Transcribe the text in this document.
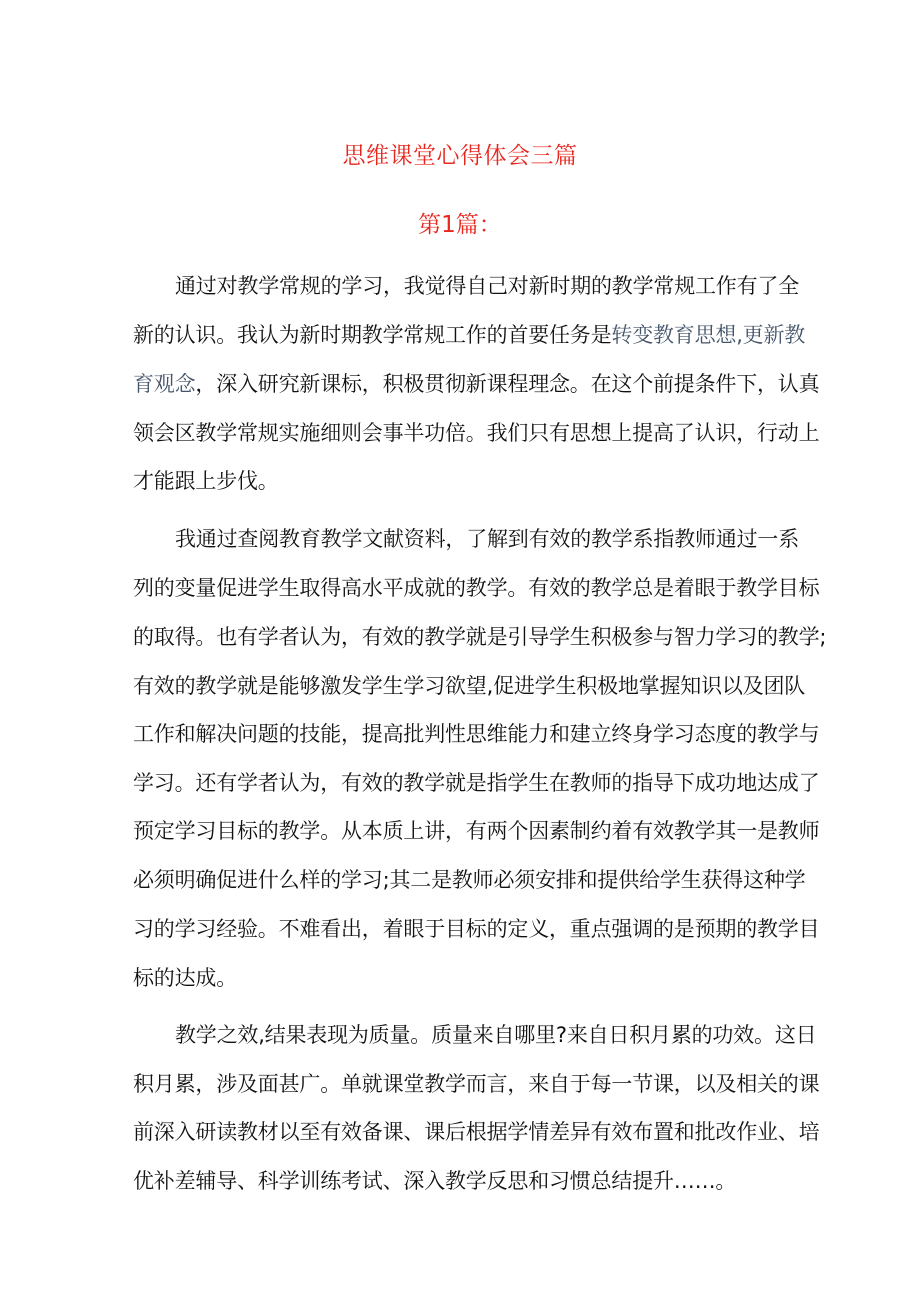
思维课堂心得体会三篇
第1篇：
通过对教学常规的学习，我觉得自己对新时期的教学常规工作有了全
新的认识。我认为新时期教学常规工作的首要任务是转变教育思想,更新教
育观念，深入研究新课标，积极贯彻新课程理念。在这个前提条件下，认真
领会区教学常规实施细则会事半功倍。我们只有思想上提高了认识，行动上
才能跟上步伐。
我通过查阅教育教学文献资料，了解到有效的教学系指教师通过一系
列的变量促进学生取得高水平成就的教学。有效的教学总是着眼于教学目标
的取得。也有学者认为，有效的教学就是引导学生积极参与智力学习的教学;
有效的教学就是能够激发学生学习欲望,促进学生积极地掌握知识以及团队
工作和解决问题的技能，提高批判性思维能力和建立终身学习态度的教学与
学习。还有学者认为，有效的教学就是指学生在教师的指导下成功地达成了
预定学习目标的教学。从本质上讲，有两个因素制约着有效教学其一是教师
必须明确促进什么样的学习;其二是教师必须安排和提供给学生获得这种学
习的学习经验。不难看出，着眼于目标的定义，重点强调的是预期的教学目
标的达成。
教学之效,结果表现为质量。质量来自哪里?来自日积月累的功效。这日
积月累，涉及面甚广。单就课堂教学而言，来自于每一节课，以及相关的课
前深入研读教材以至有效备课、课后根据学情差异有效布置和批改作业、培
优补差辅导、科学训练考试、深入教学反思和习惯总结提升……。
